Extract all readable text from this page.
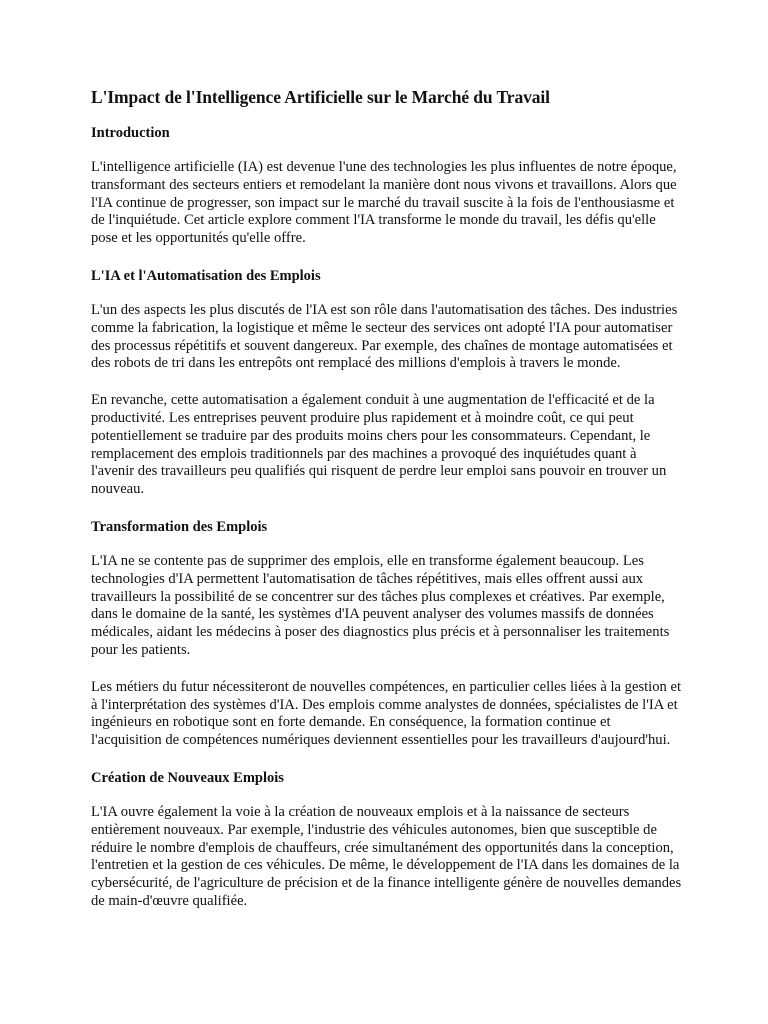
L'Impact de l'Intelligence Artificielle sur le Marché du Travail
Introduction

L'intelligence artificielle (IA) est devenue l'une des technologies les plus influentes de notre époque, transformant des secteurs entiers et remodelant la manière dont nous vivons et travaillons. Alors que l'IA continue de progresser, son impact sur le marché du travail suscite à la fois de l'enthousiasme et de l'inquiétude. Cet article explore comment l'IA transforme le monde du travail, les défis qu'elle pose et les opportunités qu'elle offre.

L'IA et l'Automatisation des Emplois

L'un des aspects les plus discutés de l'IA est son rôle dans l'automatisation des tâches. Des industries comme la fabrication, la logistique et même le secteur des services ont adopté l'IA pour automatiser des processus répétitifs et souvent dangereux. Par exemple, des chaînes de montage automatisées et des robots de tri dans les entrepôts ont remplacé des millions d'emplois à travers le monde.

En revanche, cette automatisation a également conduit à une augmentation de l'efficacité et de la productivité. Les entreprises peuvent produire plus rapidement et à moindre coût, ce qui peut potentiellement se traduire par des produits moins chers pour les consommateurs. Cependant, le remplacement des emplois traditionnels par des machines a provoqué des inquiétudes quant à l'avenir des travailleurs peu qualifiés qui risquent de perdre leur emploi sans pouvoir en trouver un nouveau.

Transformation des Emplois

L'IA ne se contente pas de supprimer des emplois, elle en transforme également beaucoup. Les technologies d'IA permettent l'automatisation de tâches répétitives, mais elles offrent aussi aux travailleurs la possibilité de se concentrer sur des tâches plus complexes et créatives. Par exemple, dans le domaine de la santé, les systèmes d'IA peuvent analyser des volumes massifs de données médicales, aidant les médecins à poser des diagnostics plus précis et à personnaliser les traitements pour les patients.

Les métiers du futur nécessiteront de nouvelles compétences, en particulier celles liées à la gestion et à l'interprétation des systèmes d'IA. Des emplois comme analystes de données, spécialistes de l'IA et ingénieurs en robotique sont en forte demande. En conséquence, la formation continue et l'acquisition de compétences numériques deviennent essentielles pour les travailleurs d'aujourd'hui.

Création de Nouveaux Emplois

L'IA ouvre également la voie à la création de nouveaux emplois et à la naissance de secteurs entièrement nouveaux. Par exemple, l'industrie des véhicules autonomes, bien que susceptible de réduire le nombre d'emplois de chauffeurs, crée simultanément des opportunités dans la conception, l'entretien et la gestion de ces véhicules. De même, le développement de l'IA dans les domaines de la cybersécurité, de l'agriculture de précision et de la finance intelligente génère de nouvelles demandes de main-d'œuvre qualifiée.
